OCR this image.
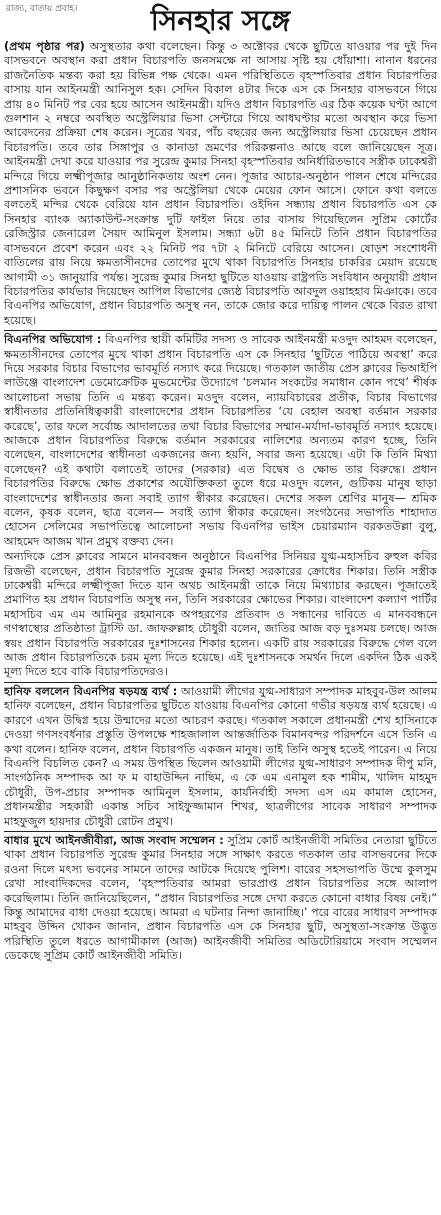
রাজ্য, বাতায় প্রবাহ।	সিনহার সঙ্গে

(প্রথম পৃষ্ঠার পর) অসুস্থতার কথা বলেছেন। কিন্তু ৩ অক্টোবর থেকে ছুটিতে যাওয়ার পর দুই দিন বাসভবনে অবস্থান করা প্রধান বিচারপতি জনসমক্ষে না আসায় সৃষ্টি হয় ধোঁয়াশা। নানান ধরনের রাজনৈতিক মন্তব্য করা হয় বিভিন্ন পক্ষ থেকে। এমন পরিস্থিতিতে বৃহস্পতিবার প্রধান বিচারপতির বাসায় যান আইনমন্ত্রী আনিসুল হক। সেদিন বিকাল ৪টার দিকে এস কে সিনহার বাসভবনে গিয়ে প্রায় ৪০ মিনিট পর বের হয়ে আসেন আইনমন্ত্রী। যদিও প্রধান বিচারপতি এর ঠিক কয়েক ঘণ্টা আগে গুলশান ২ নম্বরে অবস্থিত অস্ট্রেলিয়ার ভিসা সেন্টারে গিয়ে আধঘণ্টার মতো অবস্থান করে ভিসা আবেদনের প্রক্রিয়া শেষ করেন। সূত্রের খবর, পাঁচ বছরের জন্য অস্ট্রেলিয়ার ভিসা চেয়েছেন প্রধান বিচারপতি। তবে তার সিঙ্গাপুর ও কানাডা ভ্রমণের পরিকল্পনাও আছে বলে জানিয়েছেন সূত্র। আইনমন্ত্রী দেখা করে যাওয়ার পর সুরেন্দ্র কুমার সিনহা বৃহস্পতিবার অনির্ধারিতভাবে সস্ত্রীক ঢাকেশ্বরী মন্দিরে গিয়ে লক্ষ্মীপূজার আনুষ্ঠানিকতায় অংশ নেন। পূজার আচার-অনুষ্ঠান পালন শেষে মন্দিরের প্রশাসনিক ভবনে কিছুক্ষণ বসার পর অস্ট্রেলিয়া থেকে মেয়ের ফোন আসে। ফোনে কথা বলতে বলতেই মন্দির থেকে বেরিয়ে যান প্রধান বিচারপতি। ওইদিন সন্ধ্যায় প্রধান বিচারপতি এস কে সিনহার ব্যাংক অ্যাকাউন্ট-সংক্রান্ত দুটি ফাইল নিয়ে তার বাসায় গিয়েছিলেন সুপ্রিম কোর্টের রেজিস্ট্রার জেনারেল সৈয়দ আমিনুল ইসলাম। সন্ধ্যা ৬টা ৪৫ মিনিটে তিনি প্রধান বিচারপতির বাসভবনে প্রবেশ করেন এবং ২২ মিনিট পর ৭টা ২ মিনিটে বেরিয়ে আসেন। ষোড়শ সংশোধনী বাতিলের রায় নিয়ে ক্ষমতাসীনদের তোপের মুখে থাকা বিচারপতি সিনহার চাকরির মেয়াদ রয়েছে আগামী ৩১ জানুয়ারি পর্যন্ত। সুরেন্দ্র কুমার সিনহা ছুটিতে যাওয়ায় রাষ্ট্রপতি সংবিধান অনুযায়ী প্রধান বিচারপতির কার্যভার দিয়েছেন আপিল বিভাগের জ্যেষ্ঠ বিচারপতি আবদুল ওয়াহহাব মিঞাকে। তবে বিএনপির অভিযোগ, প্রধান বিচারপতি অসুস্থ নন, তাকে জোর করে দায়িত্ব পালন থেকে বিরত রাখা হয়েছে।

বিএনপির অভিযোগ : বিএনপির স্থায়ী কমিটির সদস্য ও সাবেক আইনমন্ত্রী মওদুদ আহমদ বলেছেন, ক্ষমতাসীনদের তোপের মুখে থাকা প্রধান বিচারপতি এস কে সিনহার ‘ছুটিতে পাঠিয়ে অবস্থা’ করে দিয়ে সরকার বিচার বিভাগের ভাবমূর্তি নস্যাৎ করে দিয়েছে। গতকাল জাতীয় প্রেস ক্লাবের ভিআইপি লাউঞ্জে বাংলাদেশ ডেমোক্রেটিক মুভমেন্টের উদ্যোগে ‘চলমান সংকটের সমাধান কোন পথে’ শীর্ষক আলোচনা সভায় তিনি এ মন্তব্য করেন। মওদুদ বলেন, ন্যায়বিচারের প্রতীক, বিচার বিভাগের স্বাধীনতার প্রতিনিধিত্বকারী বাংলাদেশের প্রধান বিচারপতির ‘যে বেহাল অবস্থা বর্তমান সরকার করেছে’, তার ফলে সর্বোচ্চ আদালতের তথা বিচার বিভাগের সম্মান-মর্যাদা-ভাবমূর্তি নস্যাৎ হয়েছে। আজকে প্রধান বিচারপতির বিরুদ্ধে বর্তমান সরকারের নালিশের অন্যতম কারণ হচ্ছে, তিনি বলেছেন, বাংলাদেশের স্বাধীনতা একজনের জন্য হয়নি, সবার জন্য হয়েছে। এটা কি তিনি মিথ্যা বলেছেন? এই কথাটা বলাতেই তাদের (সরকার) এত বিদ্বেষ ও ক্ষোভ তার বিরুদ্ধে। প্রধান বিচারপতির বিরুদ্ধে ক্ষোভ প্রকাশের অযৌক্তিকতা তুলে ধরে মওদুদ বলেন, গুটিকয় মানুষ ছাড়া বাংলাদেশের স্বাধীনতার জন্য সবাই ত্যাগ স্বীকার করেছেন। দেশের সকল শ্রেণির মানুষ— শ্রমিক বলেন, কৃষক বলেন, ছাত্র বলেন— সবাই ত্যাগ স্বীকার করেছেন। সংগঠনের সভাপতি শাহাদাত হোসেন সেলিমের সভাপতিত্বে আলোচনা সভায় বিএনপির ভাইস চেয়ারম্যান বরকতউল্লা বুলু, আহমেদ আজম খান প্রমুখ বক্তব্য দেন।

অন্যদিকে প্রেস ক্লাবের সামনে মানববন্ধন অনুষ্ঠানে বিএনপির সিনিয়র যুগ্ম-মহাসচিব রুহুল কবির রিজভী বলেছেন, প্রধান বিচারপতি সুরেন্দ্র কুমার সিনহা সরকারের ক্রোধের শিকার। তিনি সস্ত্রীক ঢাকেশ্বরী মন্দিরে লক্ষ্মীপূজা দিতে যান অথচ আইনমন্ত্রী তাকে নিয়ে মিথ্যাচার করছেন। পূজাতেই প্রমাণিত হয় প্রধান বিচারপতি অসুস্থ নন, তিনি সরকারের ক্ষোভের শিকার। বাংলাদেশ কল্যাণ পার্টির মহাসচিব এম এম আমিনুর রহমানকে অপহরণের প্রতিবাদ ও সন্ধানের দাবিতে এ মানববন্ধনে গণস্বাস্থ্যের প্রতিষ্ঠাতা ট্রাস্টি ডা. জাফরুল্লাহ চৌধুরী বলেন, জাতির আজ বড় দুঃসময় চলছে। আজ স্বয়ং প্রধান বিচারপতি সরকারের দুঃশাসনের শিকার হলেন। একটি রায় সরকারের বিরুদ্ধে গেল বলে আজ প্রধান বিচারপতিকে চরম মূল্য দিতে হয়েছে। এই দুঃশাসনকে সমর্থন দিলে একদিন ঠিক একই মূল্য দিতে হবে বাকি বিচারপতিদেরও।

হানিফ বললেন বিএনপির ষড়যন্ত্র ব্যর্থ : আওয়ামী লীগের যুগ্ম-সাধারণ সম্পাদক মাহবুব-উল আলম হানিফ বলেছেন, প্রধান বিচারপতির ছুটিতে যাওয়ায় বিএনপির কোনো গভীর ষড়যন্ত্র ব্যর্থ হয়েছে। এ কারণে এখন উদ্বিগ্ন হয়ে উন্মাদের মতো আচরণ করছে। গতকাল সকালে প্রধানমন্ত্রী শেখ হাসিনাকে দেওয়া গণসংবর্ধনার প্রস্তুতি উপলক্ষে শাহজালাল আন্তর্জাতিক বিমানবন্দর পরিদর্শনে এসে তিনি এ কথা বলেন। হানিফ বলেন, প্রধান বিচারপতি একজন মানুষ। তাই তিনি অসুস্থ হতেই পারেন। এ নিয়ে বিএনপি বিচলিত কেন? এ সময় উপস্থিত ছিলেন আওয়ামী লীগের যুগ্ম-সাধারণ সম্পাদক দীপু মনি, সাংগঠনিক সম্পাদক আ ফ ম বাহাউদ্দিন নাছিম, এ কে এম এনামুল হক শামীম, খালিদ মাহমুদ চৌধুরী, উপ-প্রচার সম্পাদক আমিনুল ইসলাম, কার্যনির্বাহী সদস্য এস এম কামাল হোসেন, প্রধানমন্ত্রীর সহকারী একান্ত সচিব সাইফুজ্জামান শিখর, ছাত্রলীগের সাবেক সাধারণ সম্পাদক মাহফুজুল হায়দার চৌধুরী রোটন প্রমুখ।

বাধার মুখে আইনজীবীরা, আজ সংবাদ সম্মেলন : সুপ্রিম কোর্ট আইনজীবী সমিতির নেতারা ছুটিতে থাকা প্রধান বিচারপতি সুরেন্দ্র কুমার সিনহার সঙ্গে সাক্ষাৎ করতে গতকাল তার বাসভবনের দিকে রওনা দিলে মৎস্য ভবনের সামনে তাদের আটকে দিয়েছে পুলিশ। বারের সহসভাপতি উম্মে কুলসুম রেখা সাংবাদিকদের বলেন, ‘বৃহস্পতিবার আমরা ভারপ্রাপ্ত প্রধান বিচারপতির সঙ্গে আলাপ করেছিলাম। তিনি জানিয়েছিলেন, “প্রধান বিচারপতির সঙ্গে দেখা করতে কোনো বাধার বিষয় নেই।” কিন্তু আমাদের বাধা দেওয়া হয়েছে। আমরা এ ঘটনার নিন্দা জানাচ্ছি।’ পরে বারের সাধারণ সম্পাদক মাহবুব উদ্দিন খোকন জানান, প্রধান বিচারপতি এস কে সিনহার ছুটি, অসুস্থতা-সংক্রান্ত উদ্ভূত পরিস্থিতি তুলে ধরতে আগামীকাল (আজ) আইনজীবী সমিতির অডিটোরিয়ামে সংবাদ সম্মেলন ডেকেছে সুপ্রিম কোর্ট আইনজীবী সমিতি।
